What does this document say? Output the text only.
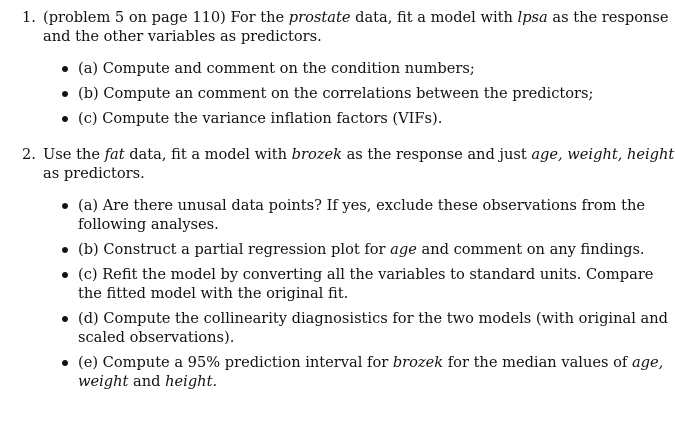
1. (problem 5 on page 110) For the prostate data, fit a model with lpsa as the response
and the other variables as predictors.
(a) Compute and comment on the condition numbers;
(b) Compute an comment on the correlations between the predictors;
(c) Compute the variance inflation factors (VIFs).
2. Use the fat data, fit a model with brozek as the response and just age, weight, height
as predictors.
(a) Are there unusal data points? If yes, exclude these observations from the
following analyses.
(b) Construct a partial regression plot for age and comment on any findings.
(c) Refit the model by converting all the variables to standard units. Compare
the fitted model with the original fit.
(d) Compute the collinearity diagnosistics for the two models (with original and
scaled observations).
(e) Compute a 95% prediction interval for brozek for the median values of age,
weight and height.
